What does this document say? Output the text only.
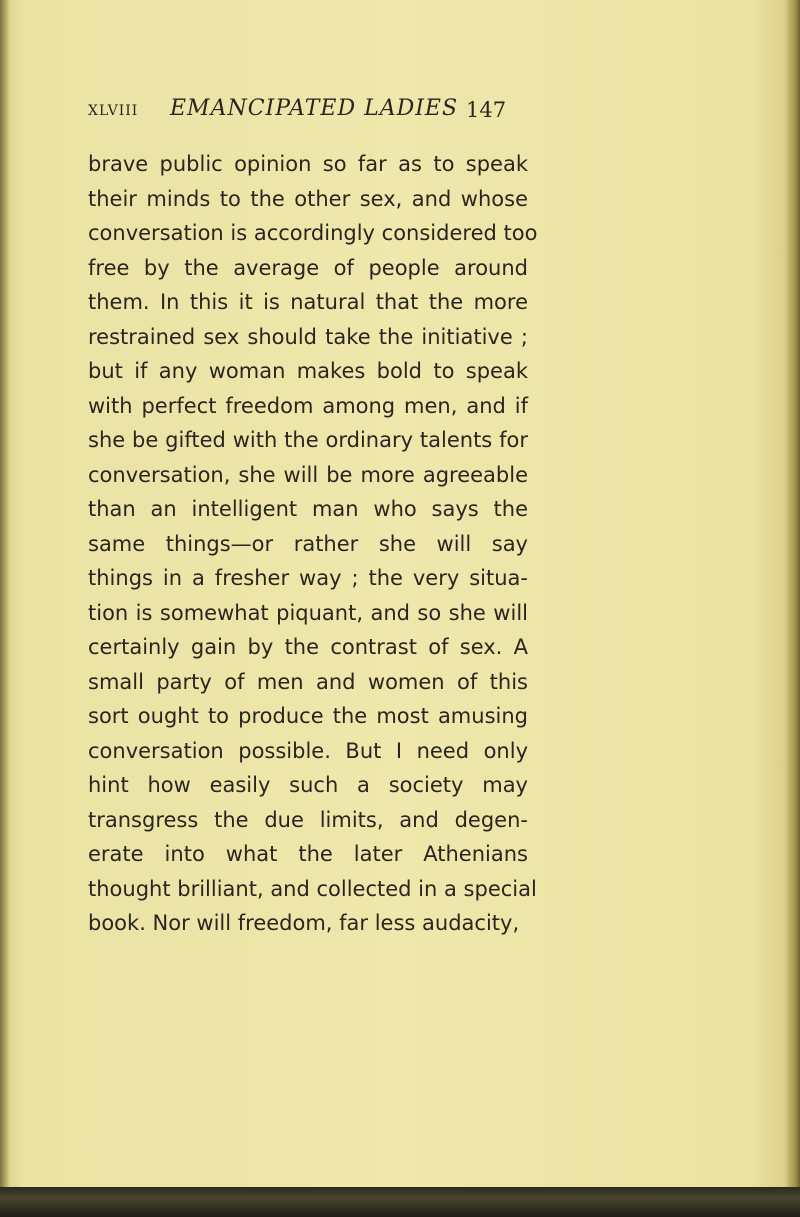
XLVIII EMANCIPATED LADIES 147
brave public opinion so far as to speak
their minds to the other sex, and whose
conversation is accordingly considered too
free by the average of people around
them. In this it is natural that the more
restrained sex should take the initiative ;
but if any woman makes bold to speak
with perfect freedom among men, and if
she be gifted with the ordinary talents for
conversation, she will be more agreeable
than an intelligent man who says the
same things—or rather she will say
things in a fresher way ; the very situa-
tion is somewhat piquant, and so she will
certainly gain by the contrast of sex. A
small party of men and women of this
sort ought to produce the most amusing
conversation possible. But I need only
hint how easily such a society may
transgress the due limits, and degen-
erate into what the later Athenians
thought brilliant, and collected in a special
book. Nor will freedom, far less audacity,
